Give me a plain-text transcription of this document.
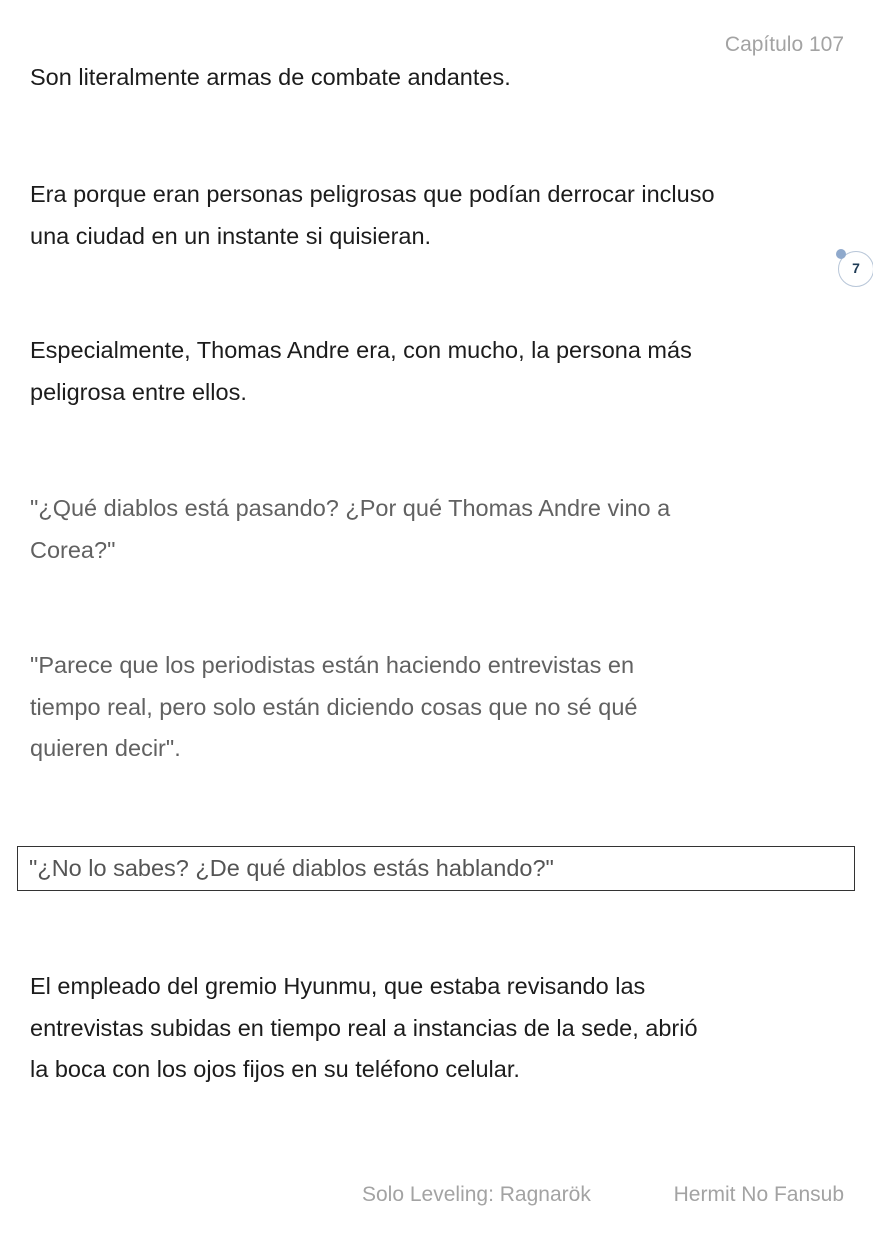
Capítulo 107
Son literalmente armas de combate andantes.
Era porque eran personas peligrosas que podían derrocar incluso
una ciudad en un instante si quisieran.
7
Especialmente, Thomas Andre era, con mucho, la persona más
peligrosa entre ellos.
"¿Qué diablos está pasando? ¿Por qué Thomas Andre vino a
Corea?"
"Parece que los periodistas están haciendo entrevistas en
tiempo real, pero solo están diciendo cosas que no sé qué
quieren decir".
"¿No lo sabes? ¿De qué diablos estás hablando?"
El empleado del gremio Hyunmu, que estaba revisando las
entrevistas subidas en tiempo real a instancias de la sede, abrió
la boca con los ojos fijos en su teléfono celular.
Solo Leveling: Ragnarök	Hermit No Fansub
